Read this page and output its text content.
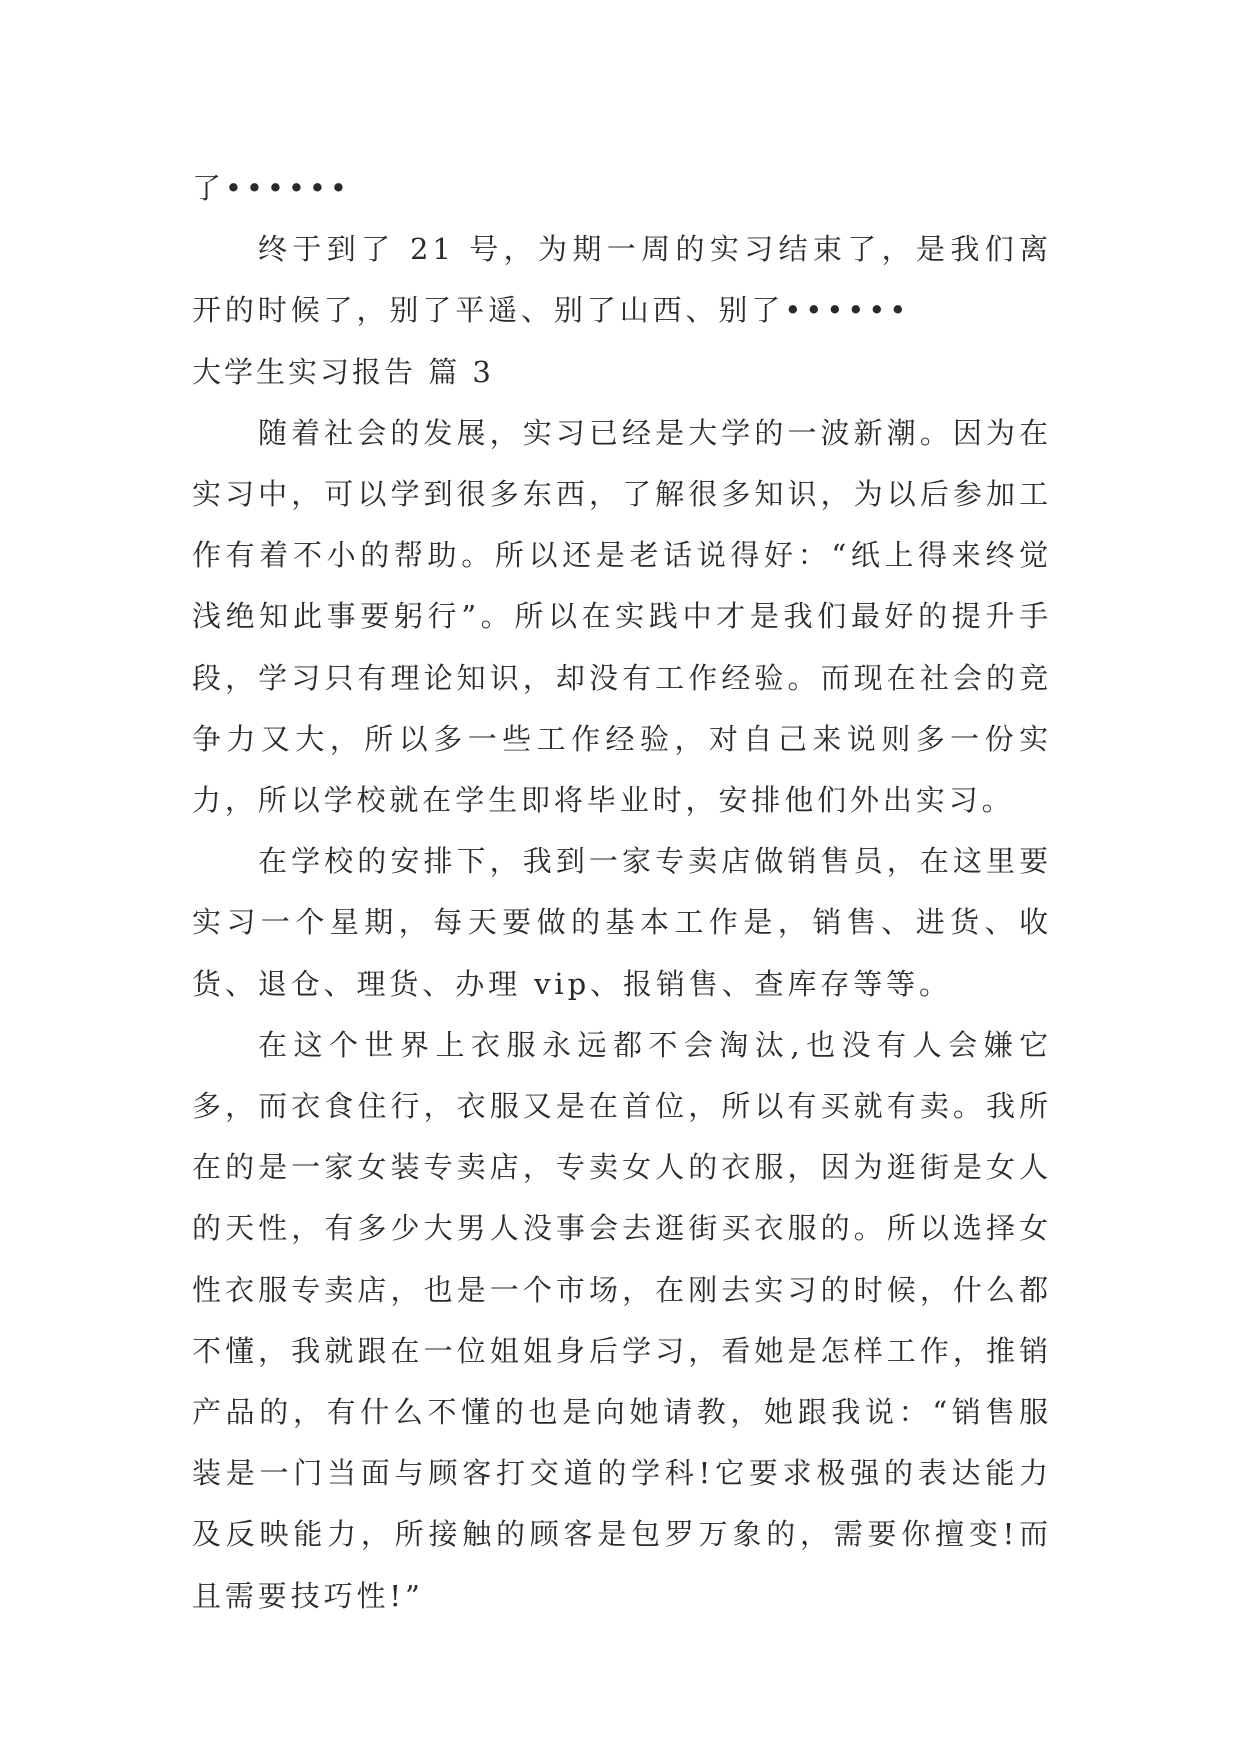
了••••••

终于到了 21 号，为期一周的实习结束了，是我们离开的时候了，别了平遥、别了山西、别了••••••

大学生实习报告 篇 3

随着社会的发展，实习已经是大学的一波新潮。因为在实习中，可以学到很多东西，了解很多知识，为以后参加工作有着不小的帮助。所以还是老话说得好：“纸上得来终觉浅绝知此事要躬行”。所以在实践中才是我们最好的提升手段，学习只有理论知识，却没有工作经验。而现在社会的竞争力又大，所以多一些工作经验，对自己来说则多一份实力，所以学校就在学生即将毕业时，安排他们外出实习。

在学校的安排下，我到一家专卖店做销售员，在这里要实习一个星期，每天要做的基本工作是，销售、进货、收货、退仓、理货、办理 vip、报销售、查库存等等。

在这个世界上衣服永远都不会淘汰,也没有人会嫌它多，而衣食住行，衣服又是在首位，所以有买就有卖。我所在的是一家女装专卖店，专卖女人的衣服，因为逛街是女人的天性，有多少大男人没事会去逛街买衣服的。所以选择女性衣服专卖店，也是一个市场，在刚去实习的时候，什么都不懂，我就跟在一位姐姐身后学习，看她是怎样工作，推销产品的，有什么不懂的也是向她请教，她跟我说：“销售服装是一门当面与顾客打交道的学科!它要求极强的表达能力及反映能力，所接触的顾客是包罗万象的，需要你擅变!而且需要技巧性!”
